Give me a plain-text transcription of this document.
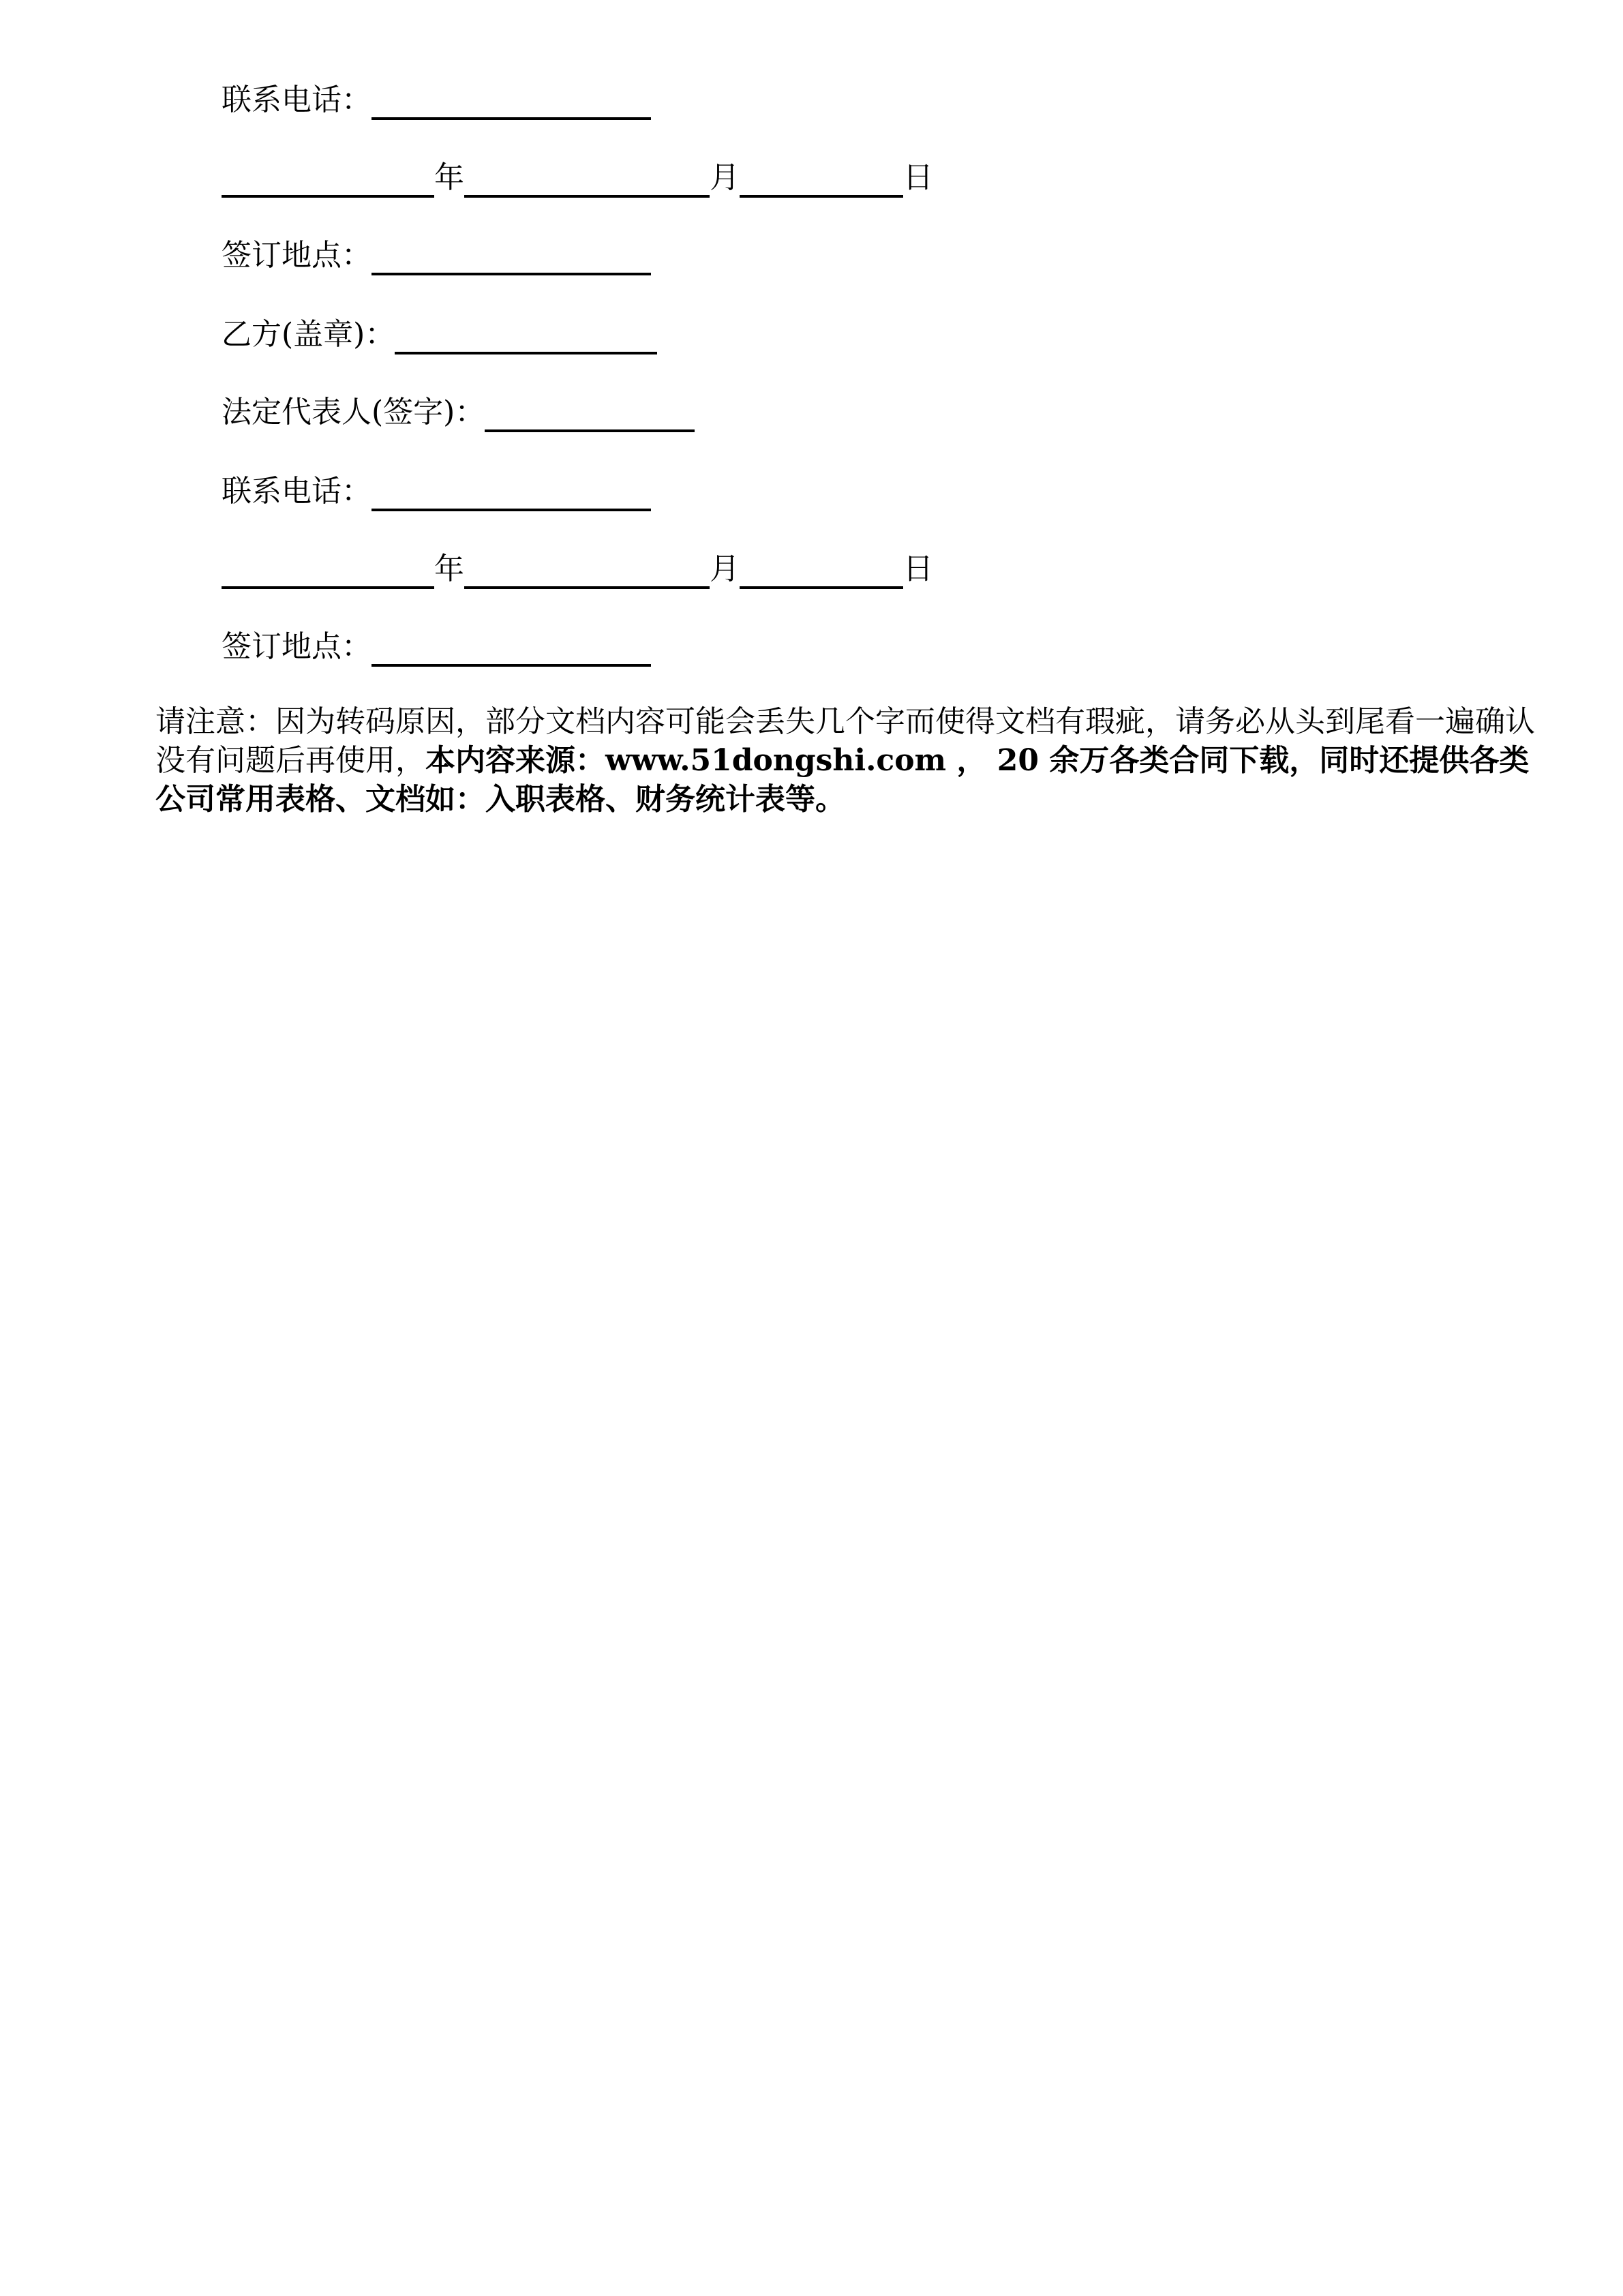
联系电话：
年	月	日
签订地点：
乙方(盖章)：
法定代表人(签字)：
联系电话：
年	月	日
签订地点：
请注意：因为转码原因，部分文档内容可能会丢失几个字而使得文档有瑕疵，请务必从头到尾看一遍确认没有问题后再使用，本内容来源：www.51dongshi.com ， 20 余万各类合同下载，同时还提供各类公司常用表格、文档如：入职表格、财务统计表等。
